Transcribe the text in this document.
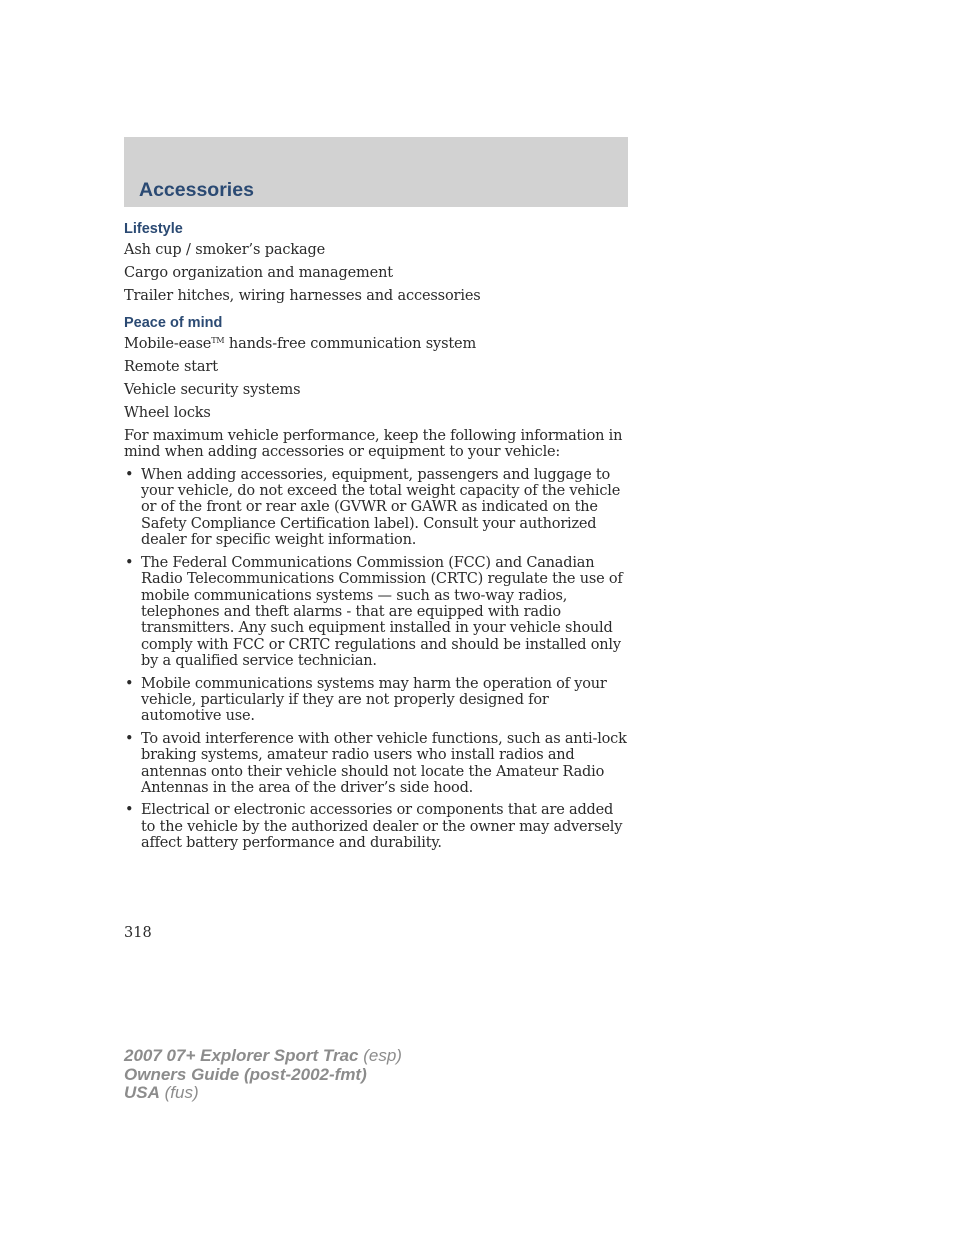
Accessories
Lifestyle

Ash cup / smoker’s package

Cargo organization and management

Trailer hitches, wiring harnesses and accessories

Peace of mind

Mobile-ease™ hands-free communication system

Remote start

Vehicle security systems

Wheel locks

For maximum vehicle performance, keep the following information in mind when adding accessories or equipment to your vehicle:

• When adding accessories, equipment, passengers and luggage to your vehicle, do not exceed the total weight capacity of the vehicle or of the front or rear axle (GVWR or GAWR as indicated on the Safety Compliance Certification label). Consult your authorized dealer for specific weight information.
• The Federal Communications Commission (FCC) and Canadian Radio Telecommunications Commission (CRTC) regulate the use of mobile communications systems — such as two-way radios, telephones and theft alarms - that are equipped with radio transmitters. Any such equipment installed in your vehicle should comply with FCC or CRTC regulations and should be installed only by a qualified service technician.
• Mobile communications systems may harm the operation of your vehicle, particularly if they are not properly designed for automotive use.
• To avoid interference with other vehicle functions, such as anti-lock braking systems, amateur radio users who install radios and antennas onto their vehicle should not locate the Amateur Radio Antennas in the area of the driver’s side hood.
• Electrical or electronic accessories or components that are added to the vehicle by the authorized dealer or the owner may adversely affect battery performance and durability.

318

2007 07+ Explorer Sport Trac (esp)

Owners Guide (post-2002-fmt)

USA (fus)
